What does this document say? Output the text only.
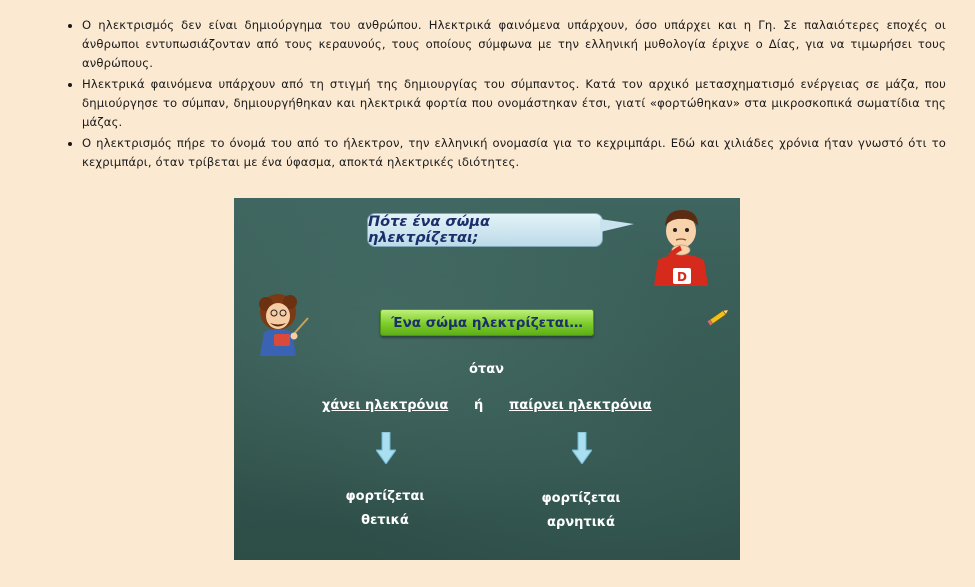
• Ο ηλεκτρισμός δεν είναι δημιούργημα του ανθρώπου. Ηλεκτρικά φαινόμενα υπάρχουν, όσο υπάρχει και η Γη. Σε παλαιότερες εποχές οι άνθρωποι εντυπωσιάζονταν από τους κεραυνούς, τους οποίους σύμφωνα με την ελληνική μυθολογία έριχνε ο Δίας, για να τιμωρήσει τους ανθρώπους.
• Ηλεκτρικά φαινόμενα υπάρχουν από τη στιγμή της δημιουργίας του σύμπαντος. Κατά τον αρχικό μετασχηματισμό ενέργειας σε μάζα, που δημιούργησε το σύμπαν, δημιουργήθηκαν και ηλεκτρικά φορτία που ονομάστηκαν έτσι, γιατί «φορτώθηκαν» στα μικροσκοπικά σωματίδια της μάζας.
• Ο ηλεκτρισμός πήρε το όνομά του από το ήλεκτρον, την ελληνική ονομασία για το κεχριμπάρι. Εδώ και χιλιάδες χρόνια ήταν γνωστό ότι το κεχριμπάρι, όταν τρίβεται με ένα ύφασμα, αποκτά ηλεκτρικές ιδιότητες.
Πότε ένα σώμα ηλεκτρίζεται;
D
Ένα σώμα ηλεκτρίζεται…
όταν
χάνει ηλεκτρόνια ή παίρνει ηλεκτρόνια
φορτίζεται
θετικά
φορτίζεται
αρνητικά
